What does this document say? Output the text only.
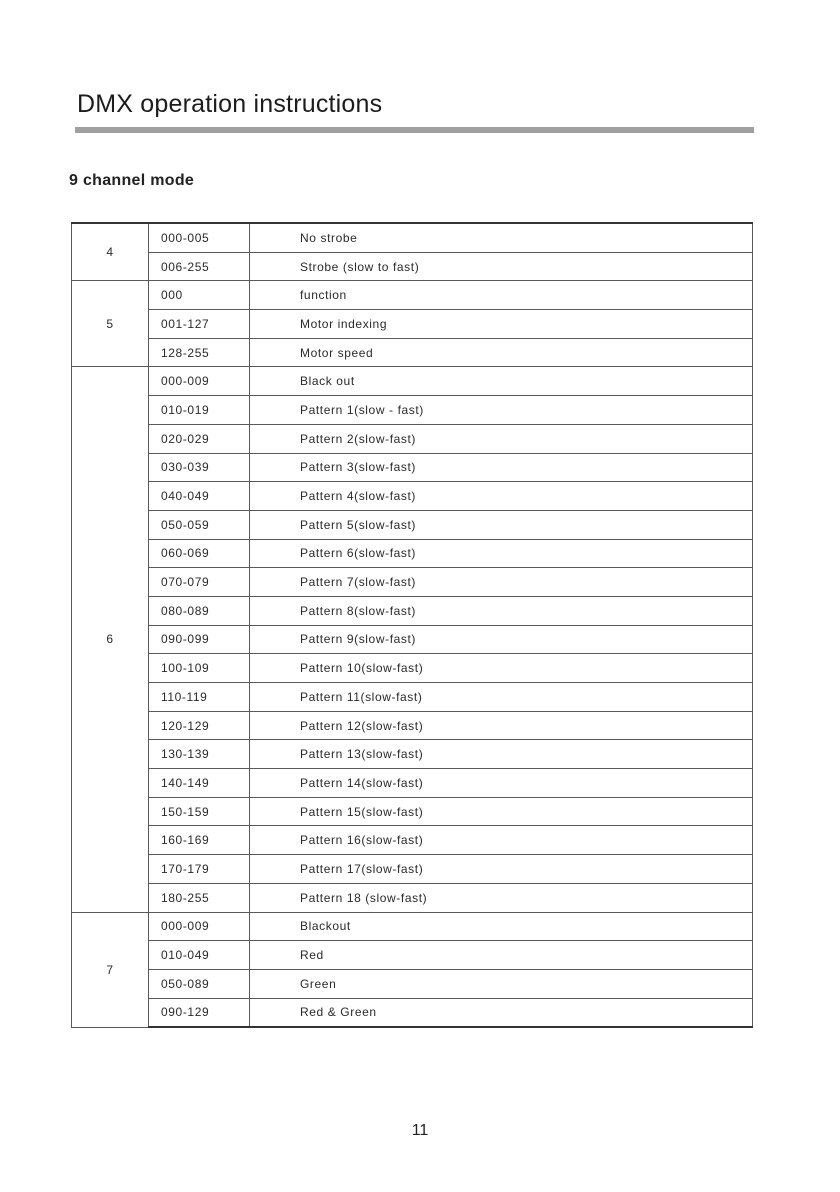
DMX operation instructions
9 channel mode
4	000-005	No strobe
	006-255	Strobe (slow to fast)
5	000	function
	001-127	Motor indexing
	128-255	Motor speed
6	000-009	Black out
	010-019	Pattern 1(slow - fast)
	020-029	Pattern 2(slow-fast)
	030-039	Pattern 3(slow-fast)
	040-049	Pattern 4(slow-fast)
	050-059	Pattern 5(slow-fast)
	060-069	Pattern 6(slow-fast)
	070-079	Pattern 7(slow-fast)
	080-089	Pattern 8(slow-fast)
	090-099	Pattern 9(slow-fast)
	100-109	Pattern 10(slow-fast)
	110-119	Pattern 11(slow-fast)
	120-129	Pattern 12(slow-fast)
	130-139	Pattern 13(slow-fast)
	140-149	Pattern 14(slow-fast)
	150-159	Pattern 15(slow-fast)
	160-169	Pattern 16(slow-fast)
	170-179	Pattern 17(slow-fast)
	180-255	Pattern 18 (slow-fast)
7	000-009	Blackout
	010-049	Red
	050-089	Green
	090-129	Red & Green
11
